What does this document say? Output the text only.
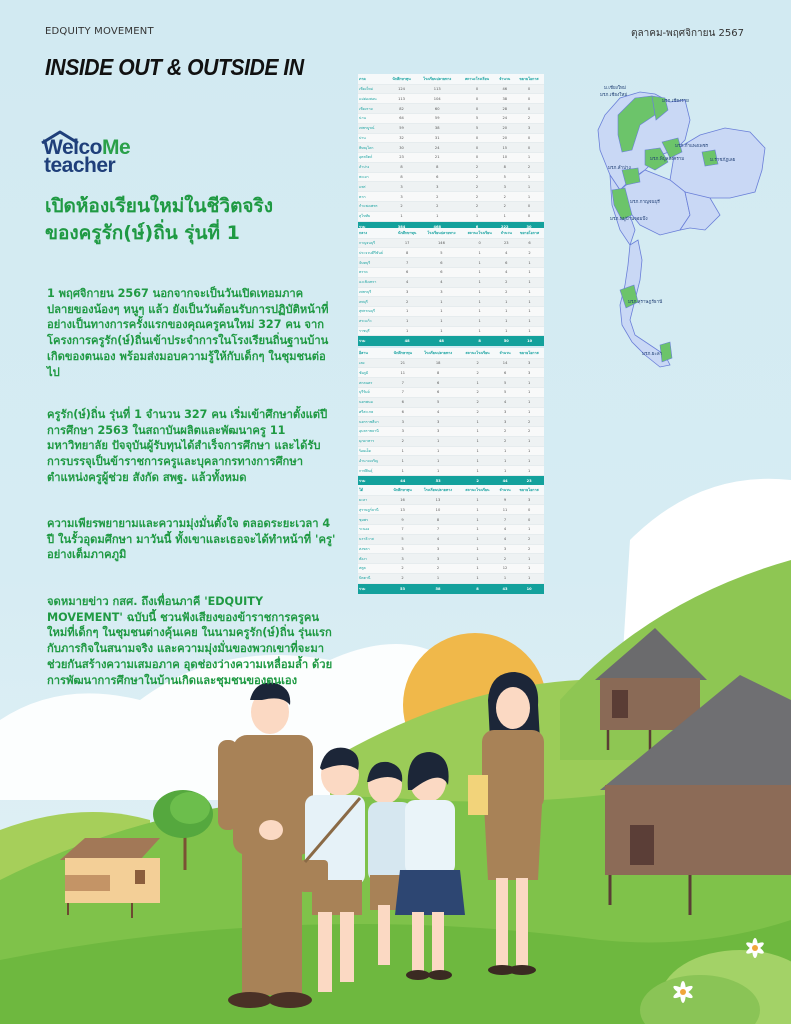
EDQUITY MOVEMENT	ตุลาคม-พฤศจิกายน 2567
INSIDE OUT & OUTSIDE IN
WelcoMe
teacher
เปิดห้องเรียนใหม่ในชีวิตจริง
ของครูรัก(ษ์)ถิ่น รุ่นที่ 1
1 พฤศจิกายน 2567 นอกจากจะเป็นวันเปิดเทอมภาคปลายของน้องๆ หนูๆ แล้ว ยังเป็นวันต้อนรับการปฏิบัติหน้าที่อย่างเป็นทางการครั้งแรกของคุณครูคนใหม่ 327 คน จากโครงการครูรัก(ษ์)ถิ่นเข้าประจำการในโรงเรียนถิ่นฐานบ้านเกิดของตนเอง พร้อมส่งมอบความรู้ให้กับเด็กๆ ในชุมชนต่อไป
ครูรัก(ษ์)ถิ่น รุ่นที่ 1 จำนวน 327 คน เริ่มเข้าศึกษาตั้งแต่ปีการศึกษา 2563 ในสถาบันผลิตและพัฒนาครู 11 มหาวิทยาลัย ปัจจุบันผู้รับทุนได้สำเร็จการศึกษา และได้รับการบรรจุเป็นข้าราชการครูและบุคลากรทางการศึกษา ตำแหน่งครูผู้ช่วย สังกัด สพฐ. แล้วทั้งหมด
ความเพียรพยายามและความมุ่งมั่นตั้งใจ ตลอดระยะเวลา 4 ปี ในรั้วอุดมศึกษา มาวันนี้ ทั้งเขาและเธอจะได้ทำหน้าที่ 'ครู' อย่างเต็มภาคภูมิ
จดหมายข่าว กสศ. ถึงเพื่อนภาคี 'EDQUITY MOVEMENT' ฉบับนี้ ชวนฟังเสียงของข้าราชการครูคนใหม่ที่เด็กๆ ในชุมชนต่างคุ้นเคย ในนามครูรัก(ษ์)ถิ่น รุ่นแรก กับภารกิจในสนามจริง และความมุ่งมั่นของพวกเขาที่จะมาช่วยกันสร้างความเสมอภาค อุดช่องว่างความเหลื่อมล้ำ ด้วยการพัฒนาการศึกษาในบ้านเกิดและชุมชนของตนเอง
ภาค	นักศึกษาทุน	โรงเรียนปลายทาง	สถานะโรงเรียน	จำนวน	ขยายโอกาส
เชียงใหม่	124	113	0	46	0
แม่ฮ่องสอน	113	104	0	38	0
เชียงราย	82	60	0	28	0
น่าน	64	59	5	24	2
เพชรบูรณ์	59	38	5	20	3
ปาน	32	31	0	20	0
พิษณุโลก	30	24	0	15	0
อุตรดิตถ์	23	21	0	10	1
ลำปาง	8	8	2	8	2
พะเยา	8	6	2	5	1
แพร่	3	3	2	3	1
ตาก	3	2	2	2	1
กำแพงเพชร	2	2	2	2	0
สุโขทัย	1	1	1	1	0
รวม	384	468	6	222	30
กลาง	นักศึกษาทุน	โรงเรียนปลายทาง	สถานะโรงเรียน	จำนวน	ขยายโอกาส
กาญจนบุรี	17	146	0	23	6
ประจวบคีรีขันธ์	8	5	1	4	2
จันทบุรี	7	6	1	6	1
ตราด	6	6	1	4	1
ฉะเชิงเทรา	4	4	1	2	1
เพชรบุรี	3	3	1	2	1
ลพบุรี	2	1	1	1	1
สุพรรณบุรี	1	1	1	1	1
สระแก้ว	1	1	1	1	1
ราชบุรี	1	1	1	1	1
รวม	48	48	8	50	10
อีสาน	นักศึกษาทุน	โรงเรียนปลายทาง	สถานะโรงเรียน	จำนวน	ขยายโอกาส
เลย	21	18	2	14	3
ชัยภูมิ	11	8	2	6	3
สกลนคร	7	6	1	5	1
บุรีรัมย์	7	6	2	5	1
นครพนม	6	5	2	4	1
ศรีสะเกษ	6	4	2	3	1
นครราชสีมา	3	3	1	3	2
อุบลราชธานี	3	3	1	2	2
มุกดาหาร	2	1	1	2	1
ร้อยเอ็ด	1	1	1	1	1
อำนาจเจริญ	1	1	1	1	1
กาฬสินธุ์	1	1	1	1	1
รวม	44	53	2	44	23
ใต้	นักศึกษาทุน	โรงเรียนปลายทาง	สถานะโรงเรียน	จำนวน	ขยายโอกาส
ยะลา	16	13	1	9	3
สุราษฎร์ธานี	13	10	1	11	0
ชุมพร	9	8	1	7	0
ระนอง	7	7	1	4	1
นราธิวาส	5	4	1	4	2
สงขลา	3	3	1	3	2
พังงา	3	3	1	2	1
สตูล	2	2	1	12	1
ปัตตานี	2	1	1	1	1
รวม	53	58	8	43	10
ม.เชียงใหม่
มรภ.เชียงใหม่
มรภ.เชียงราย
มรภ.ลำปาง
มรภ.พิบูลสงคราม
มรภ.กำแพงเพชร
ม.ราชภัฏเลย
มรภ.กาญจนบุรี
มรภ.หมู่บ้านจอมบึง
มรภ.สุราษฎร์ธานี
มรภ.ยะลา
